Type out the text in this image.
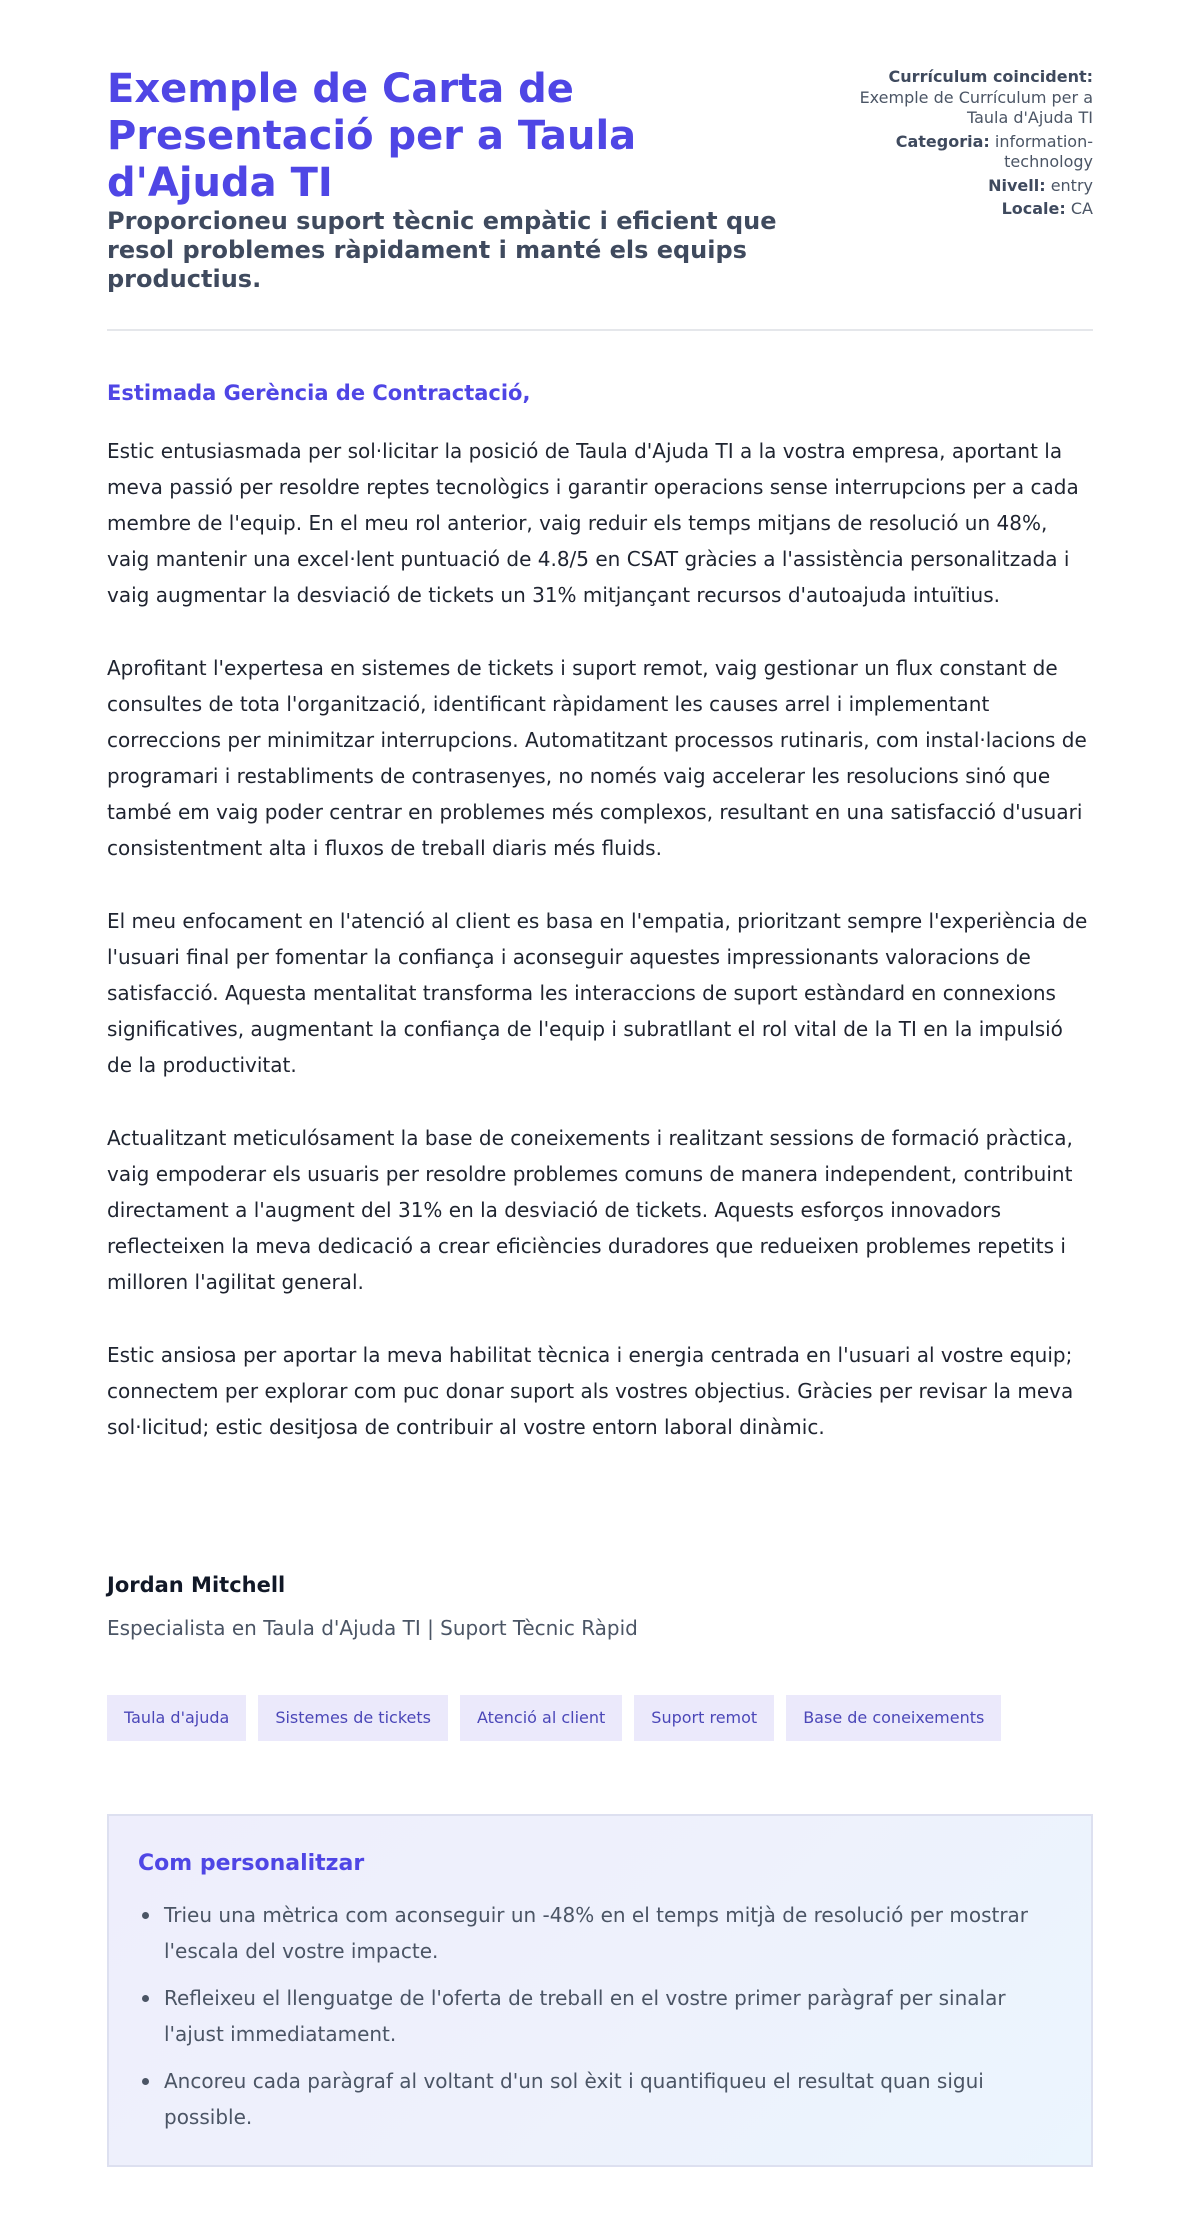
Exemple de Carta de Presentació per a Taula d'Ajuda TI
Proporcioneu suport tècnic empàtic i eficient que resol problemes ràpidament i manté els equips productius.
Currículum coincident:
Exemple de Currículum per a Taula d'Ajuda TI
Categoria: information-technology
Nivell: entry
Locale: CA

Estimada Gerència de Contractació,

Estic entusiasmada per sol·licitar la posició de Taula d'Ajuda TI a la vostra empresa, aportant la meva passió per resoldre reptes tecnològics i garantir operacions sense interrupcions per a cada membre de l'equip. En el meu rol anterior, vaig reduir els temps mitjans de resolució un 48%, vaig mantenir una excel·lent puntuació de 4.8/5 en CSAT gràcies a l'assistència personalitzada i vaig augmentar la desviació de tickets un 31% mitjançant recursos d'autoajuda intuïtius.

Aprofitant l'expertesa en sistemes de tickets i suport remot, vaig gestionar un flux constant de consultes de tota l'organització, identificant ràpidament les causes arrel i implementant correccions per minimitzar interrupcions. Automatitzant processos rutinaris, com instal·lacions de programari i restabliments de contrasenyes, no només vaig accelerar les resolucions sinó que també em vaig poder centrar en problemes més complexos, resultant en una satisfacció d'usuari consistentment alta i fluxos de treball diaris més fluids.

El meu enfocament en l'atenció al client es basa en l'empatia, prioritzant sempre l'experiència de l'usuari final per fomentar la confiança i aconseguir aquestes impressionants valoracions de satisfacció. Aquesta mentalitat transforma les interaccions de suport estàndard en connexions significatives, augmentant la confiança de l'equip i subratllant el rol vital de la TI en la impulsió de la productivitat.

Actualitzant meticulósament la base de coneixements i realitzant sessions de formació pràctica, vaig empoderar els usuaris per resoldre problemes comuns de manera independent, contribuint directament a l'augment del 31% en la desviació de tickets. Aquests esforços innovadors reflecteixen la meva dedicació a crear eficiències duradores que redueixen problemes repetits i milloren l'agilitat general.

Estic ansiosa per aportar la meva habilitat tècnica i energia centrada en l'usuari al vostre equip; connectem per explorar com puc donar suport als vostres objectius. Gràcies per revisar la meva sol·licitud; estic desitjosa de contribuir al vostre entorn laboral dinàmic.

Jordan Mitchell

Especialista en Taula d'Ajuda TI | Suport Tècnic Ràpid

Taula d'ajuda	Sistemes de tickets	Atenció al client	Suport remot	Base de coneixements
Com personalitzar
Trieu una mètrica com aconseguir un -48% en el temps mitjà de resolució per mostrar l'escala del vostre impacte.
Refleixeu el llenguatge de l'oferta de treball en el vostre primer paràgraf per sinalar l'ajust immediatament.
Ancoreu cada paràgraf al voltant d'un sol èxit i quantifiqueu el resultat quan sigui possible.
